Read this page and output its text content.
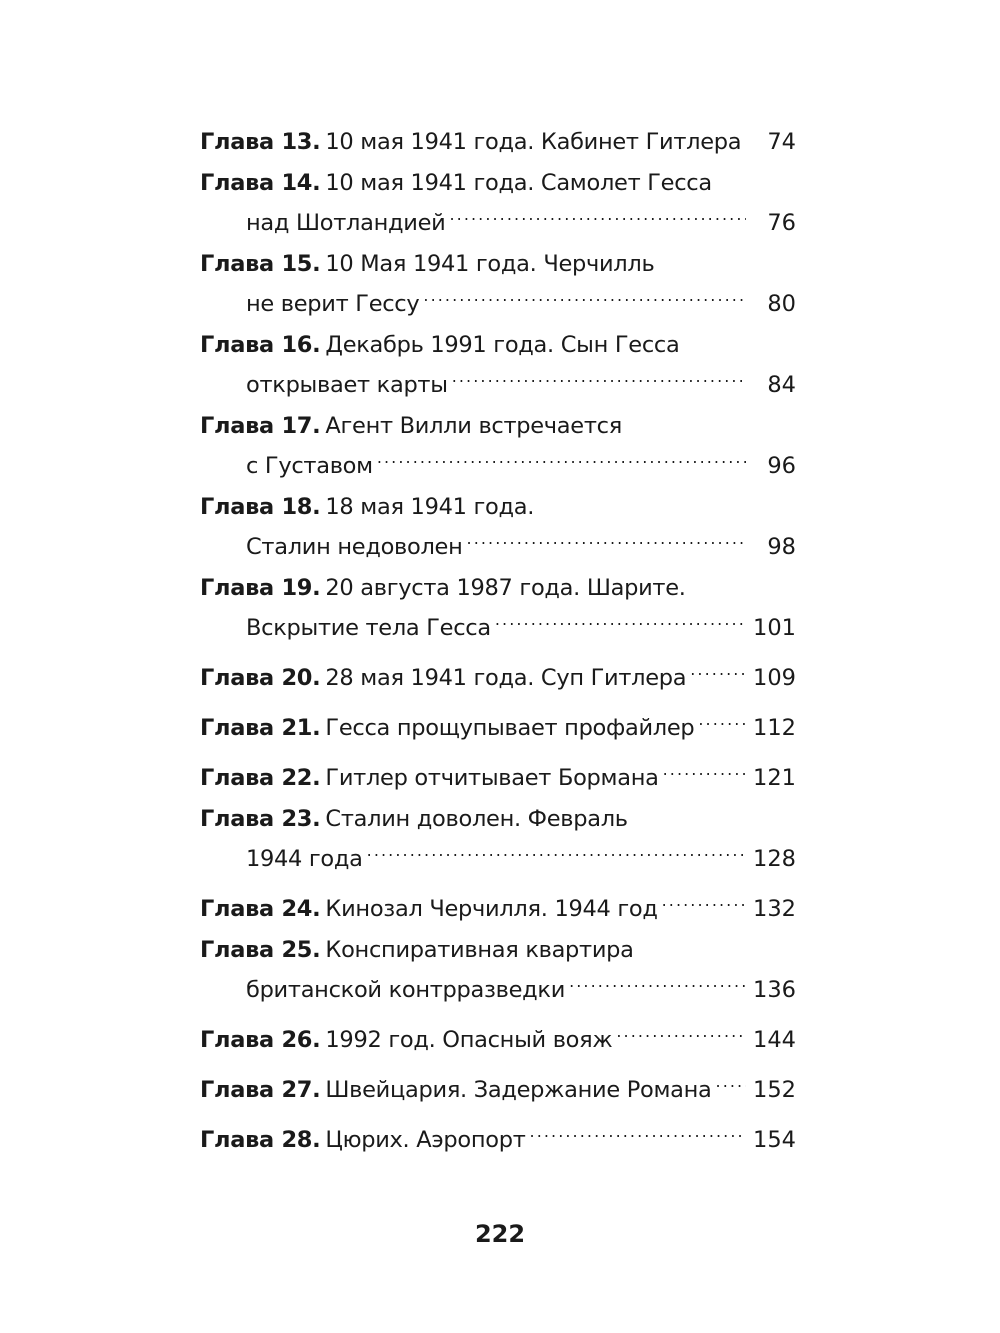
Глава 13. 10 мая 1941 года. Кабинет Гитлера . . .	74
Глава 14. 10 мая 1941 года. Самолет Гесса
над Шотландией . . .	76
Глава 15. 10 Мая 1941 года. Черчилль
не верит Гессу . . .	80
Глава 16. Декабрь 1991 года. Сын Гесса
открывает карты . . .	84
Глава 17. Агент Вилли встречается
с Густавом . . .	96
Глава 18. 18 мая 1941 года.
Сталин недоволен . . .	98
Глава 19. 20 августа 1987 года. Шарите.
Вскрытие тела Гесса . . .	101
Глава 20. 28 мая 1941 года. Суп Гитлера . . .	109
Глава 21. Гесса прощупывает профайлер . . .	112
Глава 22. Гитлер отчитывает Бормана . . .	121
Глава 23. Сталин доволен. Февраль
1944 года . . .	128
Глава 24. Кинозал Черчилля. 1944 год . . .	132
Глава 25. Конспиративная квартира
британской контрразведки . . .	136
Глава 26. 1992 год. Опасный вояж . . .	144
Глава 27. Швейцария. Задержание Романа . . . 152
Глава 28. Цюрих. Аэропорт . . .	154
222
